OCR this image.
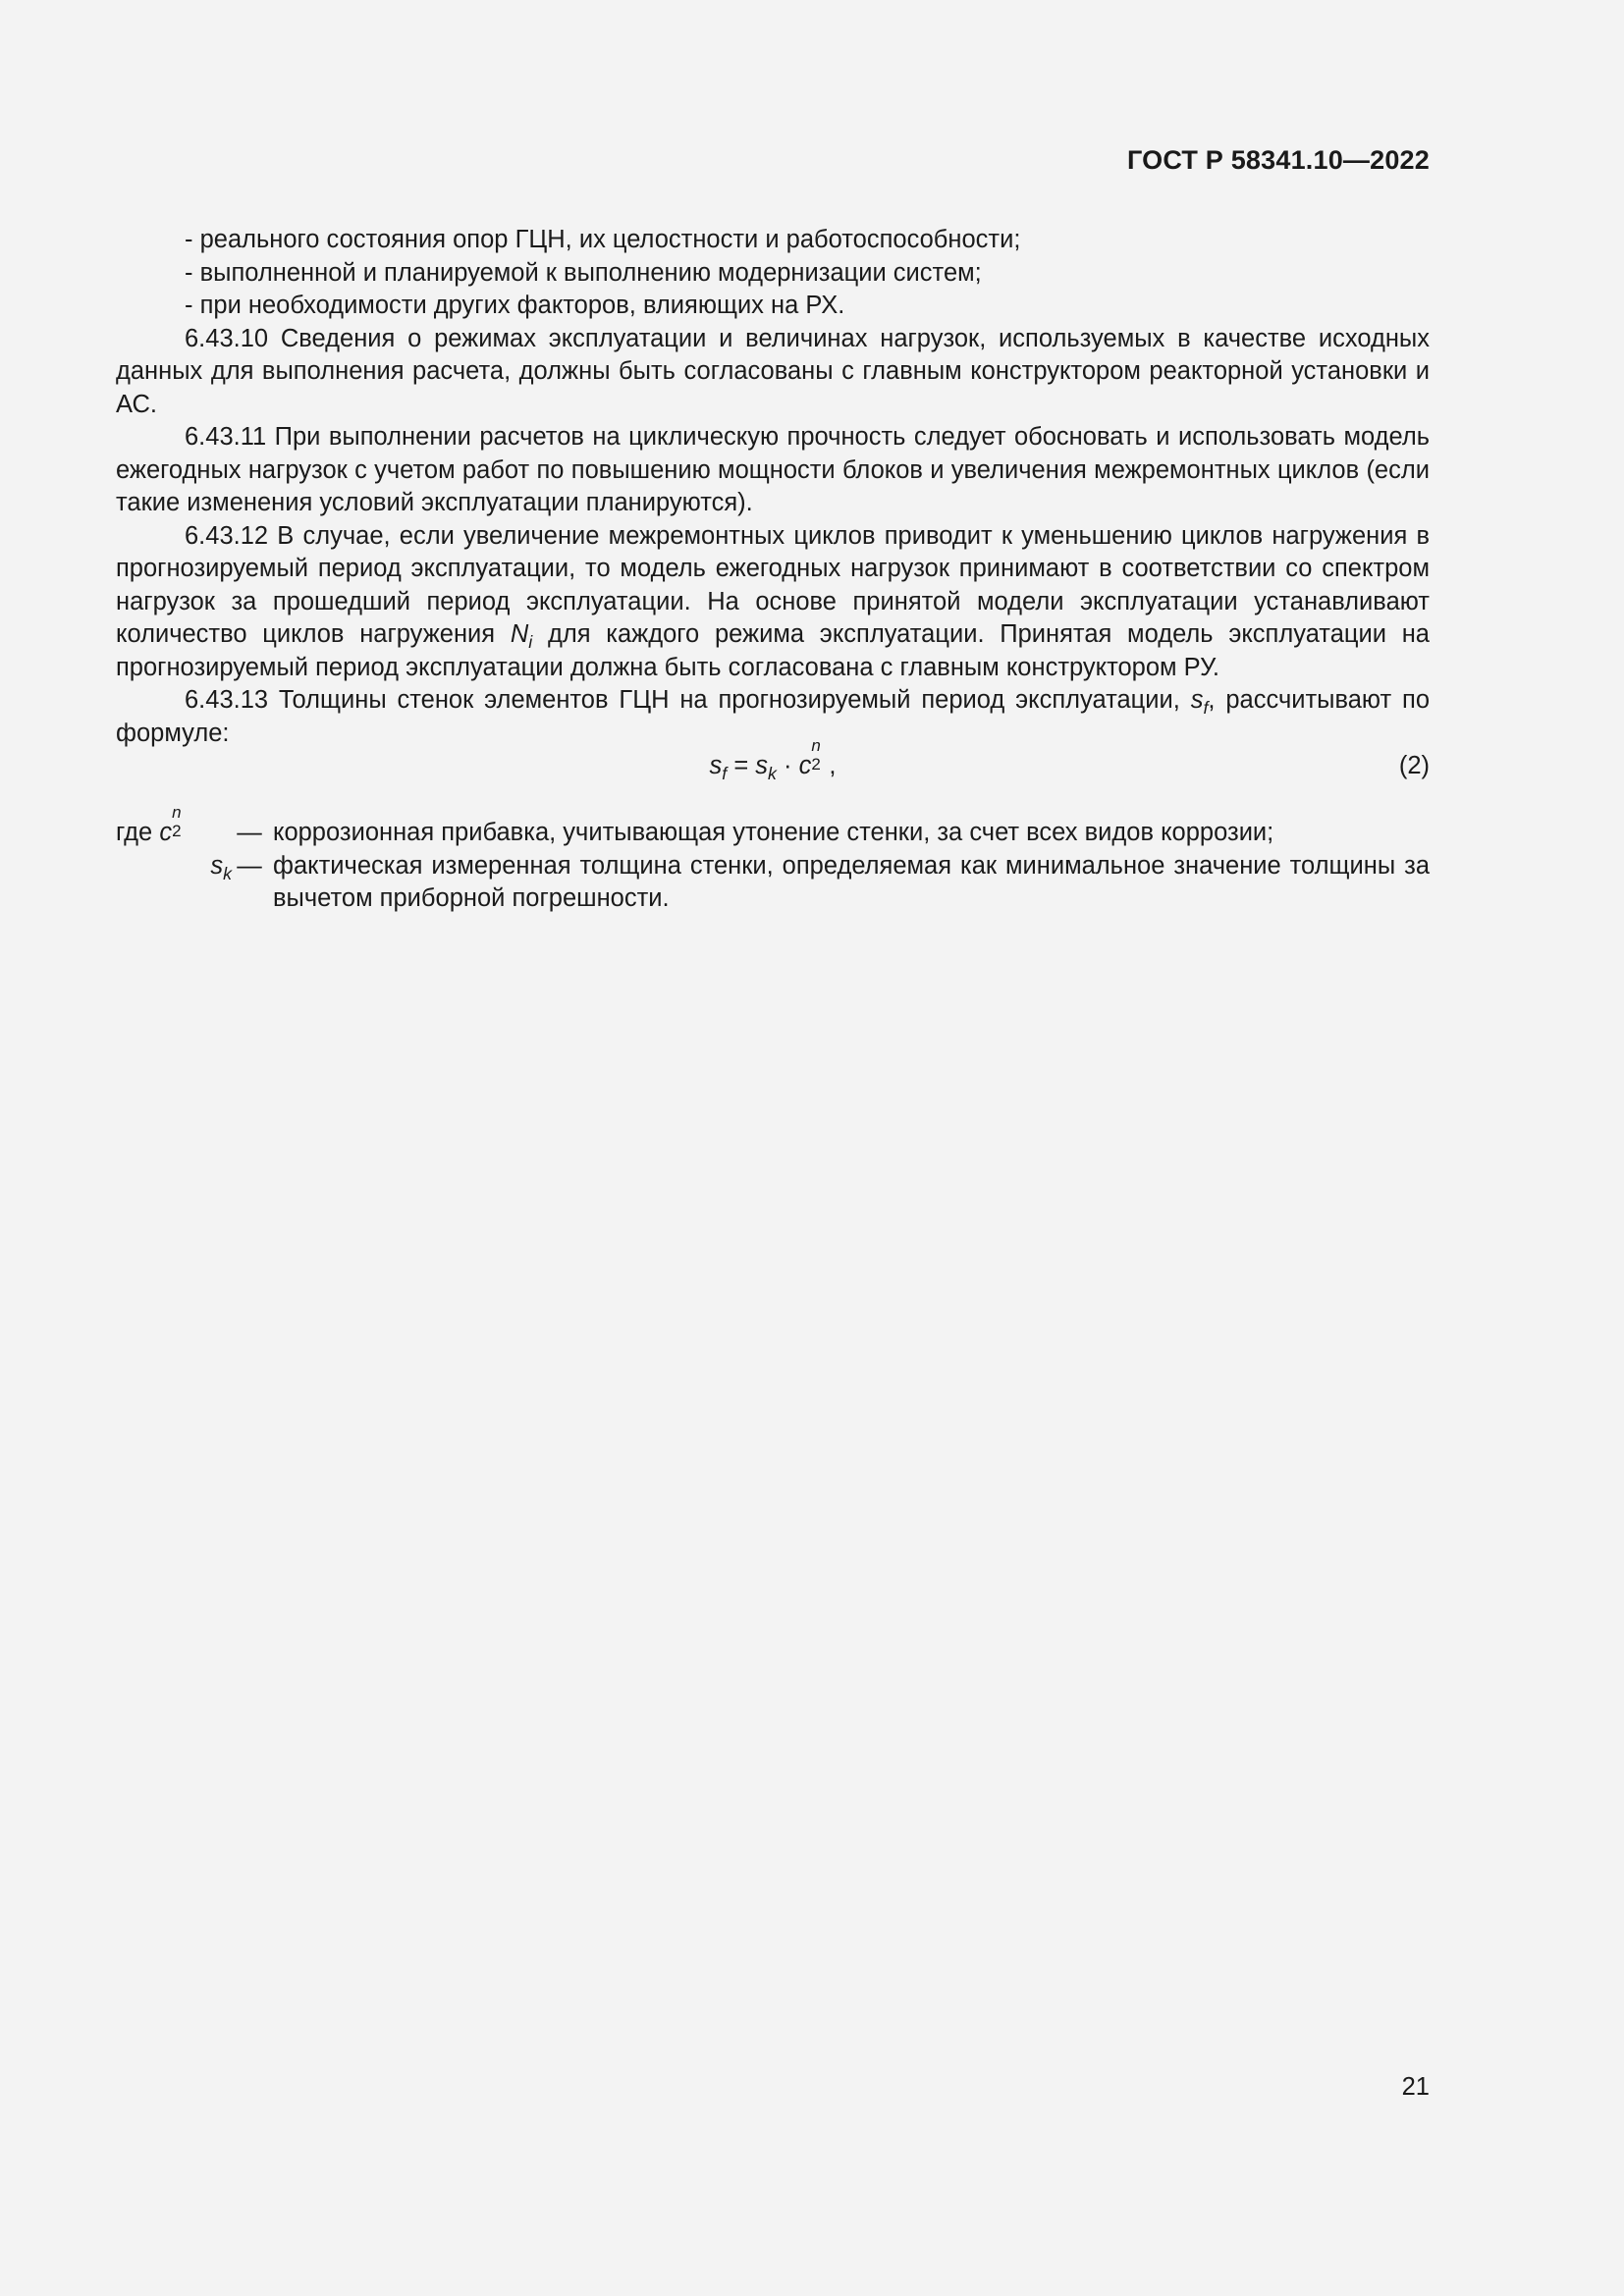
ГОСТ Р 58341.10—2022

- реального состояния опор ГЦН, их целостности и работоспособности;

- выполненной и планируемой к выполнению модернизации систем;

- при необходимости других факторов, влияющих на РХ.

6.43.10 Сведения о режимах эксплуатации и величинах нагрузок, используемых в качестве исходных данных для выполнения расчета, должны быть согласованы с главным конструктором реакторной установки и АС.

6.43.11 При выполнении расчетов на циклическую прочность следует обосновать и использовать модель ежегодных нагрузок с учетом работ по повышению мощности блоков и увеличения межремонтных циклов (если такие изменения условий эксплуатации планируются).

6.43.12 В случае, если увеличение межремонтных циклов приводит к уменьшению циклов нагружения в прогнозируемый период эксплуатации, то модель ежегодных нагрузок принимают в соответствии со спектром нагрузок за прошедший период эксплуатации. На основе принятой модели эксплуатации устанавливают количество циклов нагружения $N_i$ для каждого режима эксплуатации. Принятая модель эксплуатации на прогнозируемый период эксплуатации должна быть согласована с главным конструктором РУ.

6.43.13 Толщины стенок элементов ГЦН на прогнозируемый период эксплуатации, $s_f$, рассчитывают по формуле:

$s_f = s_k \cdot c$
n
2 ,	(2)
где c
n
2 — коррозионная прибавка, учитывающая утонение стенки, за счет всех видов коррозии;
$s_k$ — фактическая измеренная толщина стенки, определяемая как минимальное значение толщины за вычетом приборной погрешности.
21
